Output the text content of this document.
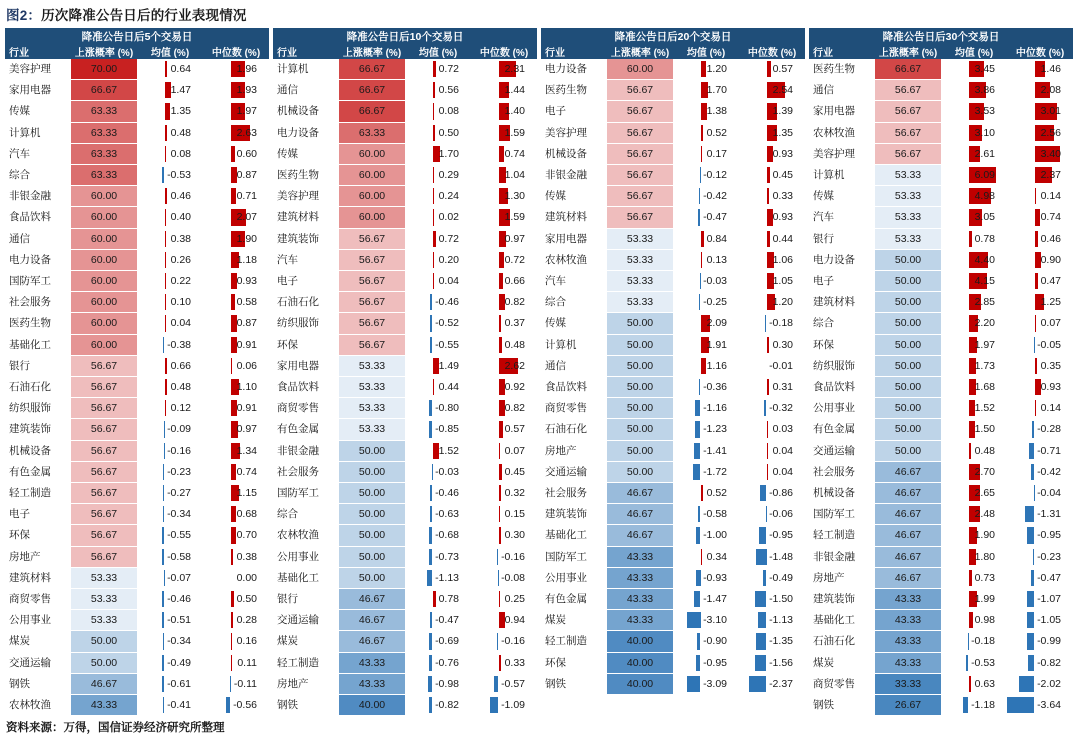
图2：历次降准公告日后的行业表现情况
降准公告日后5个交易日					降准公告日后10个交易日					降准公告日后20个交易日					降准公告日后30个交易日			
行业	上涨概率 (%)	均值 (%)	中位数 (%)		行业	上涨概率 (%)	均值 (%)	中位数 (%)		行业	上涨概率 (%)	均值 (%)	中位数 (%)		行业	上涨概率 (%)	均值 (%)	中位数 (%)
美容护理	70.00	0.64	1.96		计算机	66.67	0.72	2.31		电力设备	60.00	1.20	0.57		医药生物	66.67	3.45	1.46

家用电器	66.67	1.47	1.93		通信	66.67	0.56	1.44		医药生物	56.67	1.70	2.54		通信	56.67	3.86	2.08

传媒	63.33	1.35	1.97		机械设备	66.67	0.08	1.40		电子	56.67	1.38	1.39		家用电器	56.67	3.53	3.01

计算机	63.33	0.48	2.63		电力设备	63.33	0.50	1.59		美容护理	56.67	0.52	1.35		农林牧渔	56.67	3.10	2.56

汽车	63.33	0.08	0.60		传媒	60.00	1.70	0.74		机械设备	56.67	0.17	0.93		美容护理	56.67	2.61	3.40

综合	63.33	-0.53	0.87		医药生物	60.00	0.29	1.04		非银金融	56.67	-0.12	0.45		计算机	53.33	6.09	2.37

非银金融	60.00	0.46	0.71		美容护理	60.00	0.24	1.30		传媒	56.67	-0.42	0.33		传媒	53.33	4.98	0.14

食品饮料	60.00	0.40	2.07		建筑材料	60.00	0.02	1.59		建筑材料	56.67	-0.47	0.93		汽车	53.33	3.05	0.74

通信	60.00	0.38	1.90		建筑装饰	56.67	0.72	0.97		家用电器	53.33	0.84	0.44		银行	53.33	0.78	0.46

电力设备	60.00	0.26	1.18		汽车	56.67	0.20	0.72		农林牧渔	53.33	0.13	1.06		电力设备	50.00	4.40	0.90

国防军工	60.00	0.22	0.93		电子	56.67	0.04	0.66		汽车	53.33	-0.03	1.05		电子	50.00	4.15	0.47

社会服务	60.00	0.10	0.58		石油石化	56.67	-0.46	0.82		综合	53.33	-0.25	1.20		建筑材料	50.00	2.85	1.25

医药生物	60.00	0.04	0.87		纺织服饰	56.67	-0.52	0.37		传媒	50.00	2.09	-0.18		综合	50.00	2.20	0.07

基础化工	60.00	-0.38	0.91		环保	56.67	-0.55	0.48		计算机	50.00	1.91	0.30		环保	50.00	1.97	-0.05

银行	56.67	0.66	0.06		家用电器	53.33	1.49	2.62		通信	50.00	1.16	-0.01		纺织服饰	50.00	1.73	0.35

石油石化	56.67	0.48	1.10		食品饮料	53.33	0.44	0.92		食品饮料	50.00	-0.36	0.31		食品饮料	50.00	1.68	0.93

纺织服饰	56.67	0.12	0.91		商贸零售	53.33	-0.80	0.82		商贸零售	50.00	-1.16	-0.32		公用事业	50.00	1.52	0.14

建筑装饰	56.67	-0.09	0.97		有色金属	53.33	-0.85	0.57		石油石化	50.00	-1.23	0.03		有色金属	50.00	1.50	-0.28

机械设备	56.67	-0.16	1.34		非银金融	50.00	1.52	0.07		房地产	50.00	-1.41	0.04		交通运输	50.00	0.48	-0.71

有色金属	56.67	-0.23	0.74		社会服务	50.00	-0.03	0.45		交通运输	50.00	-1.72	0.04		社会服务	46.67	2.70	-0.42

轻工制造	56.67	-0.27	1.15		国防军工	50.00	-0.46	0.32		社会服务	46.67	0.52	-0.86		机械设备	46.67	2.65	-0.04

电子	56.67	-0.34	0.68		综合	50.00	-0.63	0.15		建筑装饰	46.67	-0.58	-0.06		国防军工	46.67	2.48	-1.31

环保	56.67	-0.55	0.70		农林牧渔	50.00	-0.68	0.30		基础化工	46.67	-1.00	-0.95		轻工制造	46.67	1.90	-0.95

房地产	56.67	-0.58	0.38		公用事业	50.00	-0.73	-0.16		国防军工	43.33	0.34	-1.48		非银金融	46.67	1.80	-0.23

建筑材料	53.33	-0.07	0.00		基础化工	50.00	-1.13	-0.08		公用事业	43.33	-0.93	-0.49		房地产	46.67	0.73	-0.47

商贸零售	53.33	-0.46	0.50		银行	46.67	0.78	0.25		有色金属	43.33	-1.47	-1.50		建筑装饰	43.33	1.99	-1.07

公用事业	53.33	-0.51	0.28		交通运输	46.67	-0.47	0.94		煤炭	43.33	-3.10	-1.13		基础化工	43.33	0.98	-1.05

煤炭	50.00	-0.34	0.16		煤炭	46.67	-0.69	-0.16		轻工制造	40.00	-0.90	-1.35		石油石化	43.33	-0.18	-0.99

交通运输	50.00	-0.49	0.11		轻工制造	43.33	-0.76	0.33		环保	40.00	-0.95	-1.56		煤炭	43.33	-0.53	-0.82

钢铁	46.67	-0.61	-0.11		房地产	43.33	-0.98	-0.57		钢铁	40.00	-3.09	-2.37		商贸零售	33.33	0.63	-2.02

农林牧渔	43.33	-0.41	-0.56		钢铁	40.00	-0.82	-1.09							钢铁	26.67	-1.18	-3.64
资料来源：万得，国信证券经济研究所整理
